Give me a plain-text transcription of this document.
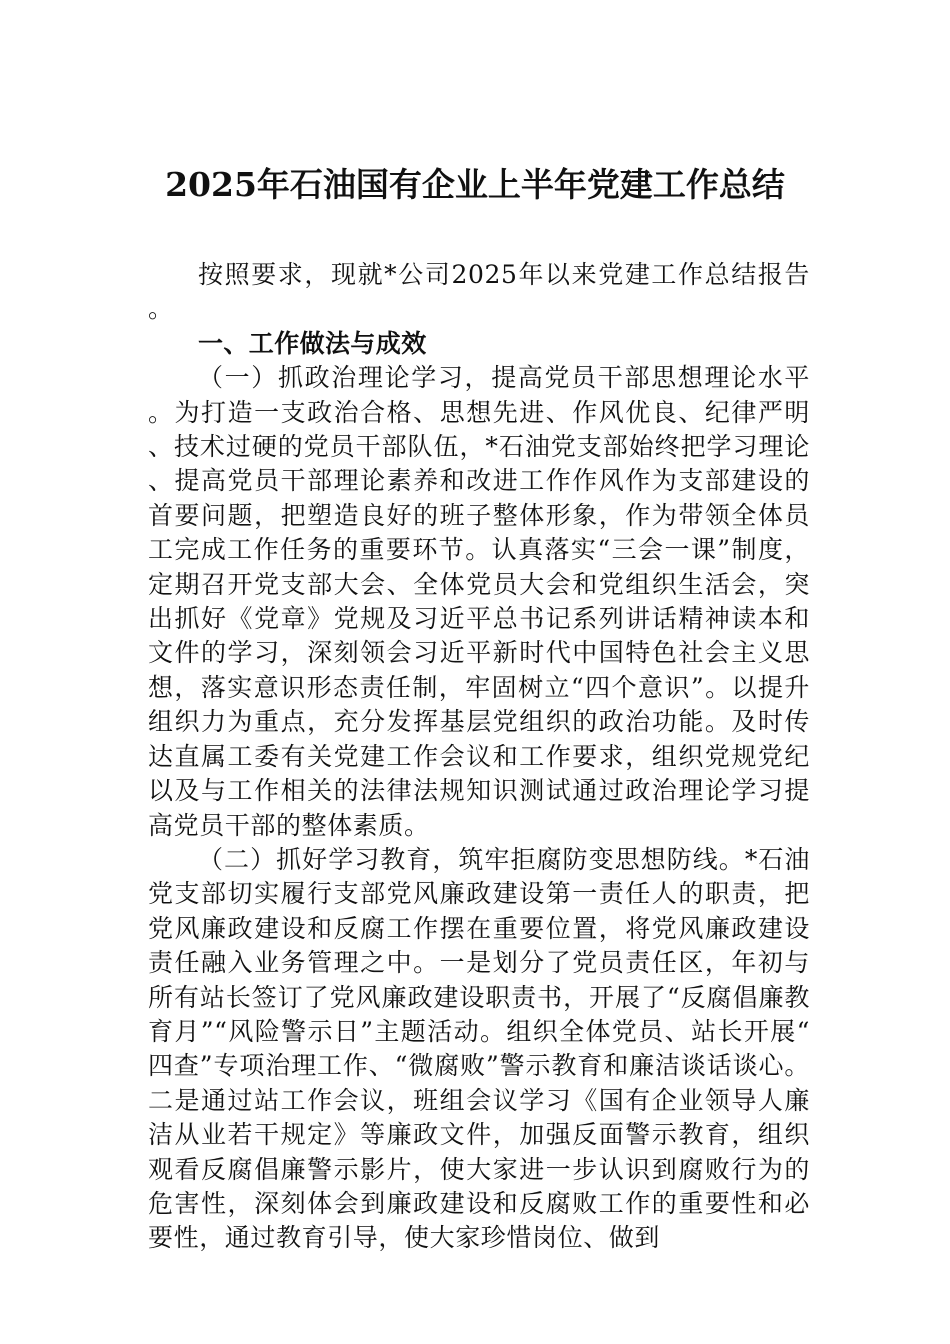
2025年石油国有企业上半年党建工作总结

按照要求，现就*公司2025年以来党建工作总结报告。

一、工作做法与成效

（一）抓政治理论学习，提高党员干部思想理论水平。为打造一支政治合格、思想先进、作风优良、纪律严明、技术过硬的党员干部队伍，*石油党支部始终把学习理论、提高党员干部理论素养和改进工作作风作为支部建设的首要问题，把塑造良好的班子整体形象，作为带领全体员工完成工作任务的重要环节。认真落实“三会一课”制度，定期召开党支部大会、全体党员大会和党组织生活会，突出抓好《党章》党规及习近平总书记系列讲话精神读本和文件的学习，深刻领会习近平新时代中国特色社会主义思想，落实意识形态责任制，牢固树立“四个意识”。以提升组织力为重点，充分发挥基层党组织的政治功能。及时传达直属工委有关党建工作会议和工作要求，组织党规党纪以及与工作相关的法律法规知识测试通过政治理论学习提高党员干部的整体素质。

（二）抓好学习教育，筑牢拒腐防变思想防线。*石油党支部切实履行支部党风廉政建设第一责任人的职责，把党风廉政建设和反腐工作摆在重要位置，将党风廉政建设责任融入业务管理之中。一是划分了党员责任区，年初与所有站长签订了党风廉政建设职责书，开展了“反腐倡廉教育月”“风险警示日”主题活动。组织全体党员、站长开展“四查”专项治理工作、“微腐败”警示教育和廉洁谈话谈心。二是通过站工作会议，班组会议学习《国有企业领导人廉洁从业若干规定》等廉政文件，加强反面警示教育，组织观看反腐倡廉警示影片，使大家进一步认识到腐败行为的危害性，深刻体会到廉政建设和反腐败工作的重要性和必要性，通过教育引导，使大家珍惜岗位、做到
